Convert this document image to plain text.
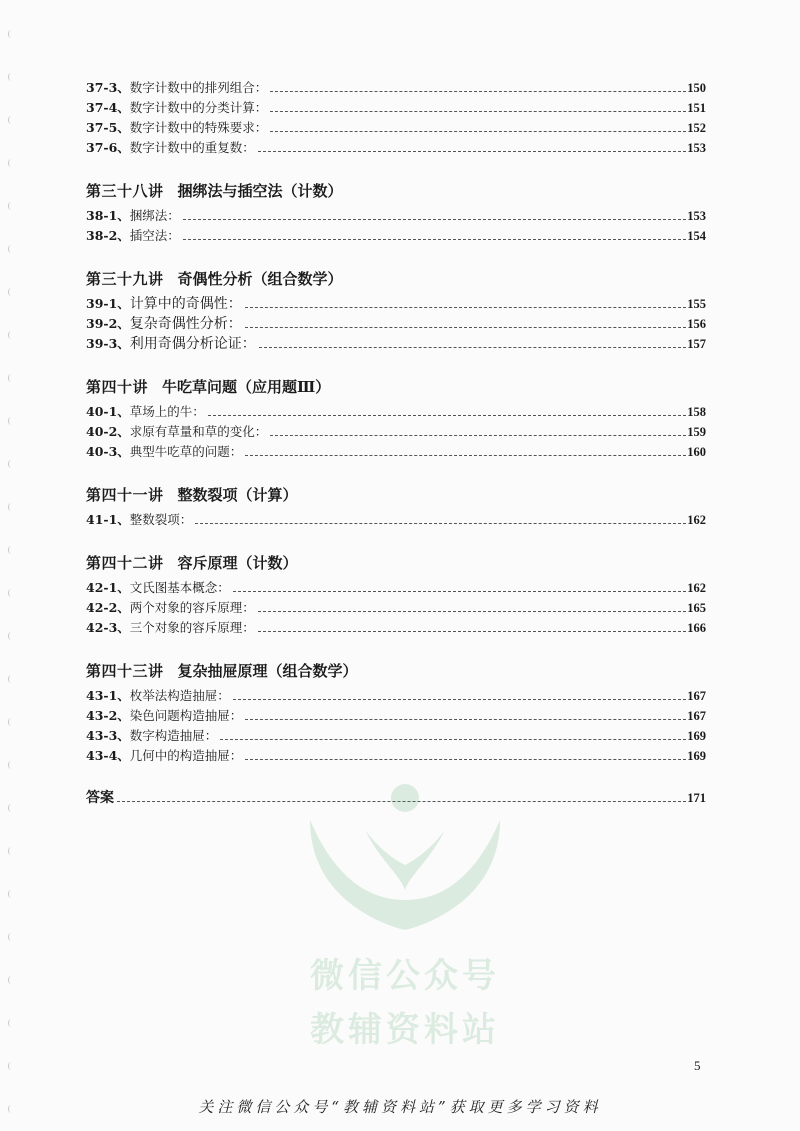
37-3、 数字计数中的排列组合：	150
37-4、 数字计数中的分类计算：	151
37-5、 数字计数中的特殊要求：	152
37-6、 数字计数中的重复数：	153
第三十八讲 捆绑法与插空法（计数）
38-1、 捆绑法：	153
38-2、 插空法：	154
第三十九讲 奇偶性分析（组合数学）
39-1、 计算中的奇偶性：	155
39-2、 复杂奇偶性分析：	156
39-3、 利用奇偶分析论证：	157
第四十讲 牛吃草问题（应用题Ⅲ）
40-1、 草场上的牛：	158
40-2、 求原有草量和草的变化：	159
40-3、 典型牛吃草的问题：	160
第四十一讲 整数裂项（计算）
41-1、 整数裂项：	162
第四十二讲 容斥原理（计数）
42-1、 文氏图基本概念：	162
42-2、 两个对象的容斥原理：	165
42-3、 三个对象的容斥原理：	166
第四十三讲 复杂抽屉原理（组合数学）
43-1、 枚举法构造抽屉：	167
43-2、 染色问题构造抽屉：	167
43-3、 数字构造抽屉：	169
43-4、 几何中的构造抽屉：	169
答案	171
微信公众号
教辅资料站
5
关注微信公众号“教辅资料站”获取更多学习资料
